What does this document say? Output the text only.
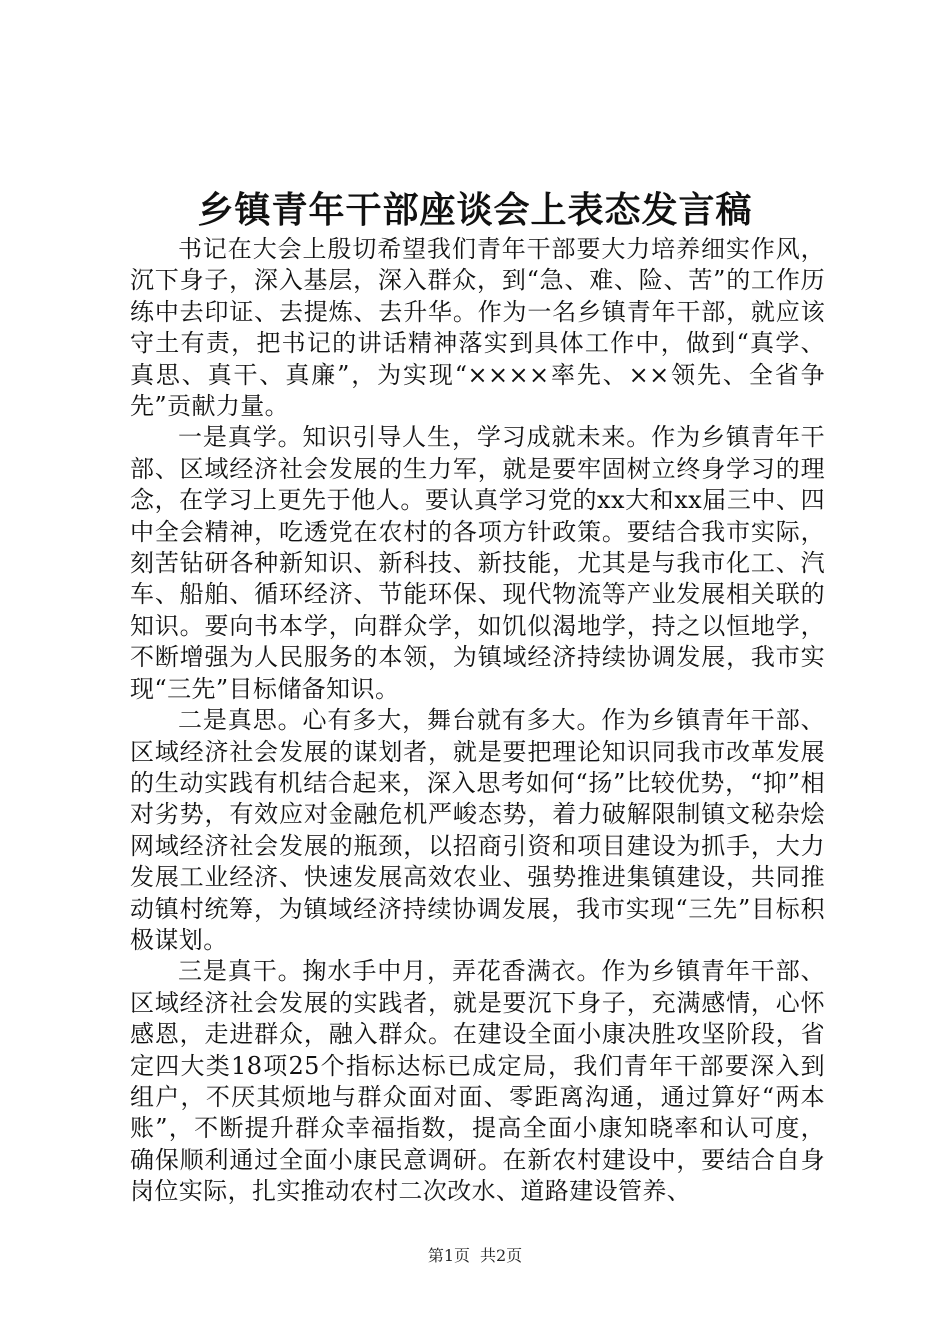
乡镇青年干部座谈会上表态发言稿

书记在大会上殷切希望我们青年干部要大力培养细实作风，沉下身子，深入基层，深入群众，到“急、难、险、苦”的工作历练中去印证、去提炼、去升华。作为一名乡镇青年干部，就应该守土有责，把书记的讲话精神落实到具体工作中，做到“真学、真思、真干、真廉”，为实现“××××率先、××领先、全省争先”贡献力量。

一是真学。知识引导人生，学习成就未来。作为乡镇青年干部、区域经济社会发展的生力军，就是要牢固树立终身学习的理念，在学习上更先于他人。要认真学习党的xx大和xx届三中、四中全会精神，吃透党在农村的各项方针政策。要结合我市实际，刻苦钻研各种新知识、新科技、新技能，尤其是与我市化工、汽车、船舶、循环经济、节能环保、现代物流等产业发展相关联的知识。要向书本学，向群众学，如饥似渴地学，持之以恒地学，不断增强为人民服务的本领，为镇域经济持续协调发展，我市实现“三先”目标储备知识。

二是真思。心有多大，舞台就有多大。作为乡镇青年干部、区域经济社会发展的谋划者，就是要把理论知识同我市改革发展的生动实践有机结合起来，深入思考如何“扬”比较优势，“抑”相对劣势，有效应对金融危机严峻态势，着力破解限制镇文秘杂烩网域经济社会发展的瓶颈，以招商引资和项目建设为抓手，大力发展工业经济、快速发展高效农业、强势推进集镇建设，共同推动镇村统筹，为镇域经济持续协调发展，我市实现“三先”目标积极谋划。

三是真干。掬水手中月，弄花香满衣。作为乡镇青年干部、区域经济社会发展的实践者，就是要沉下身子，充满感情，心怀感恩，走进群众，融入群众。在建设全面小康决胜攻坚阶段，省定四大类18项25个指标达标已成定局，我们青年干部要深入到组户，不厌其烦地与群众面对面、零距离沟通，通过算好“两本账”，不断提升群众幸福指数，提高全面小康知晓率和认可度，确保顺利通过全面小康民意调研。在新农村建设中，要结合自身岗位实际，扎实推动农村二次改水、道路建设管养、

第1页 共2页
